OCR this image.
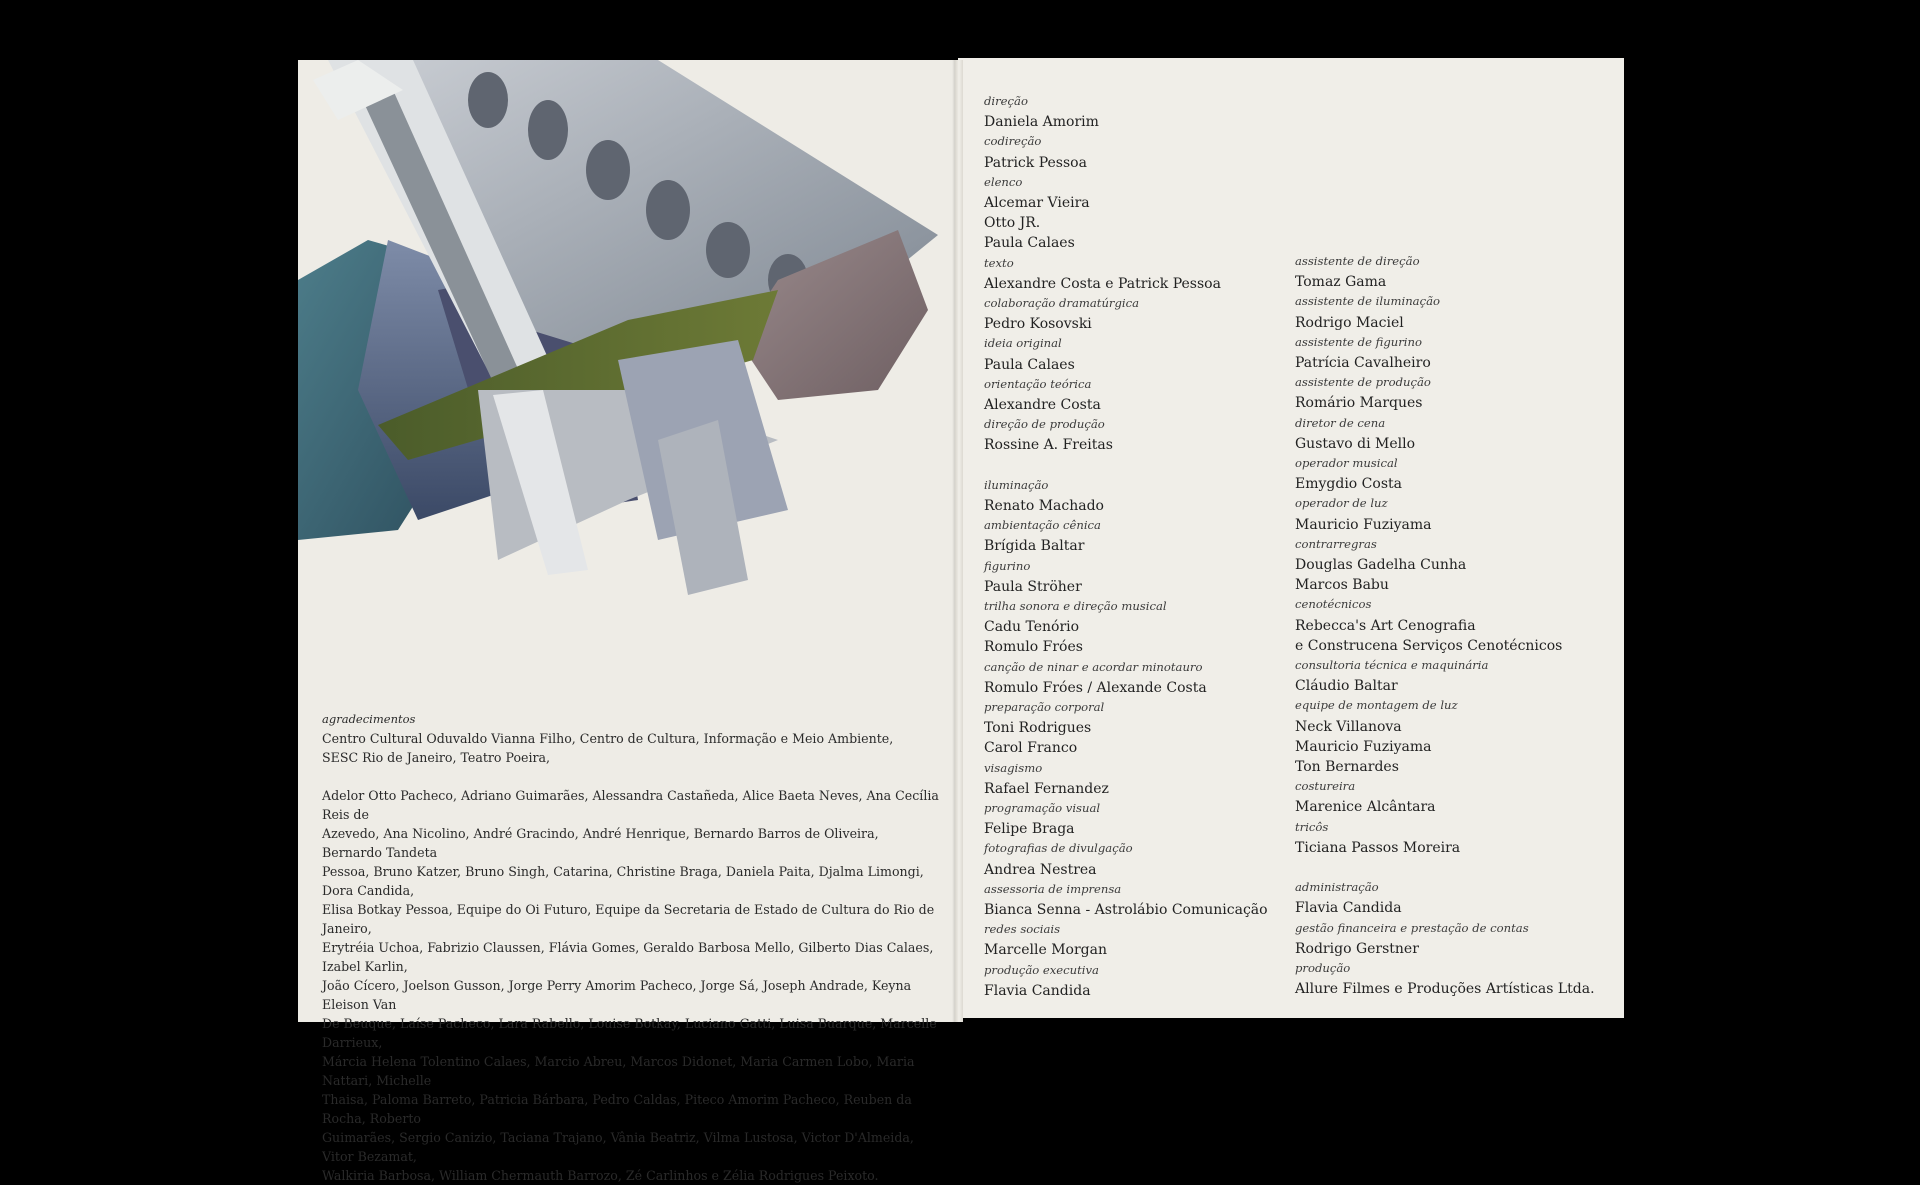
agradecimentos

Centro Cultural Oduvaldo Vianna Filho, Centro de Cultura, Informação e Meio Ambiente,

SESC Rio de Janeiro, Teatro Poeira,

Adelor Otto Pacheco, Adriano Guimarães, Alessandra Castañeda, Alice Baeta Neves, Ana Cecília Reis de

Azevedo, Ana Nicolino, André Gracindo, André Henrique, Bernardo Barros de Oliveira, Bernardo Tandeta

Pessoa, Bruno Katzer, Bruno Singh, Catarina, Christine Braga, Daniela Paita, Djalma Limongi, Dora Candida,

Elisa Botkay Pessoa, Equipe do Oi Futuro, Equipe da Secretaria de Estado de Cultura do Rio de Janeiro,

Erytréia Uchoa, Fabrizio Claussen, Flávia Gomes, Geraldo Barbosa Mello, Gilberto Dias Calaes, Izabel Karlin,

João Cícero, Joelson Gusson, Jorge Perry Amorim Pacheco, Jorge Sá, Joseph Andrade, Keyna Eleison Van

De Beuque, Laíse Pacheco, Lara Rabello, Louise Botkay, Luciano Gatti, Luisa Buarque, Marcelle Darrieux,

Márcia Helena Tolentino Calaes, Marcio Abreu, Marcos Didonet, Maria Carmen Lobo, Maria Nattari, Michelle

Thaisa, Paloma Barreto, Patricia Bárbara, Pedro Caldas, Piteco Amorim Pacheco, Reuben da Rocha, Roberto

Guimarães, Sergio Canizio, Taciana Trajano, Vânia Beatriz, Vilma Lustosa, Victor D'Almeida, Vitor Bezamat,

Walkiria Barbosa, William Chermauth Barrozo, Zé Carlinhos e Zélia Rodrigues Peixoto.

direção
Daniela Amorim
codireção
Patrick Pessoa
elenco
Alcemar Vieira
Otto JR.
Paula Calaes
texto
Alexandre Costa e Patrick Pessoa
colaboração dramatúrgica
Pedro Kosovski
ideia original
Paula Calaes
orientação teórica
Alexandre Costa
direção de produção
Rossine A. Freitas
iluminação
Renato Machado
ambientação cênica
Brígida Baltar
figurino
Paula Ströher
trilha sonora e direção musical
Cadu Tenório
Romulo Fróes
canção de ninar e acordar minotauro
Romulo Fróes / Alexande Costa
preparação corporal
Toni Rodrigues
Carol Franco
visagismo
Rafael Fernandez
programação visual
Felipe Braga
fotografias de divulgação
Andrea Nestrea
assessoria de imprensa
Bianca Senna - Astrolábio Comunicação
redes sociais
Marcelle Morgan
produção executiva
Flavia Candida
assistente de direção
Tomaz Gama
assistente de iluminação
Rodrigo Maciel
assistente de figurino
Patrícia Cavalheiro
assistente de produção
Romário Marques
diretor de cena
Gustavo di Mello
operador musical
Emygdio Costa
operador de luz
Mauricio Fuziyama
contrarregras
Douglas Gadelha Cunha
Marcos Babu
cenotécnicos
Rebecca's Art Cenografia
e Construcena Serviços Cenotécnicos
consultoria técnica e maquinária
Cláudio Baltar
equipe de montagem de luz
Neck Villanova
Mauricio Fuziyama
Ton Bernardes
costureira
Marenice Alcântara
tricôs
Ticiana Passos Moreira
administração
Flavia Candida
gestão financeira e prestação de contas
Rodrigo Gerstner
produção
Allure Filmes e Produções Artísticas Ltda.
